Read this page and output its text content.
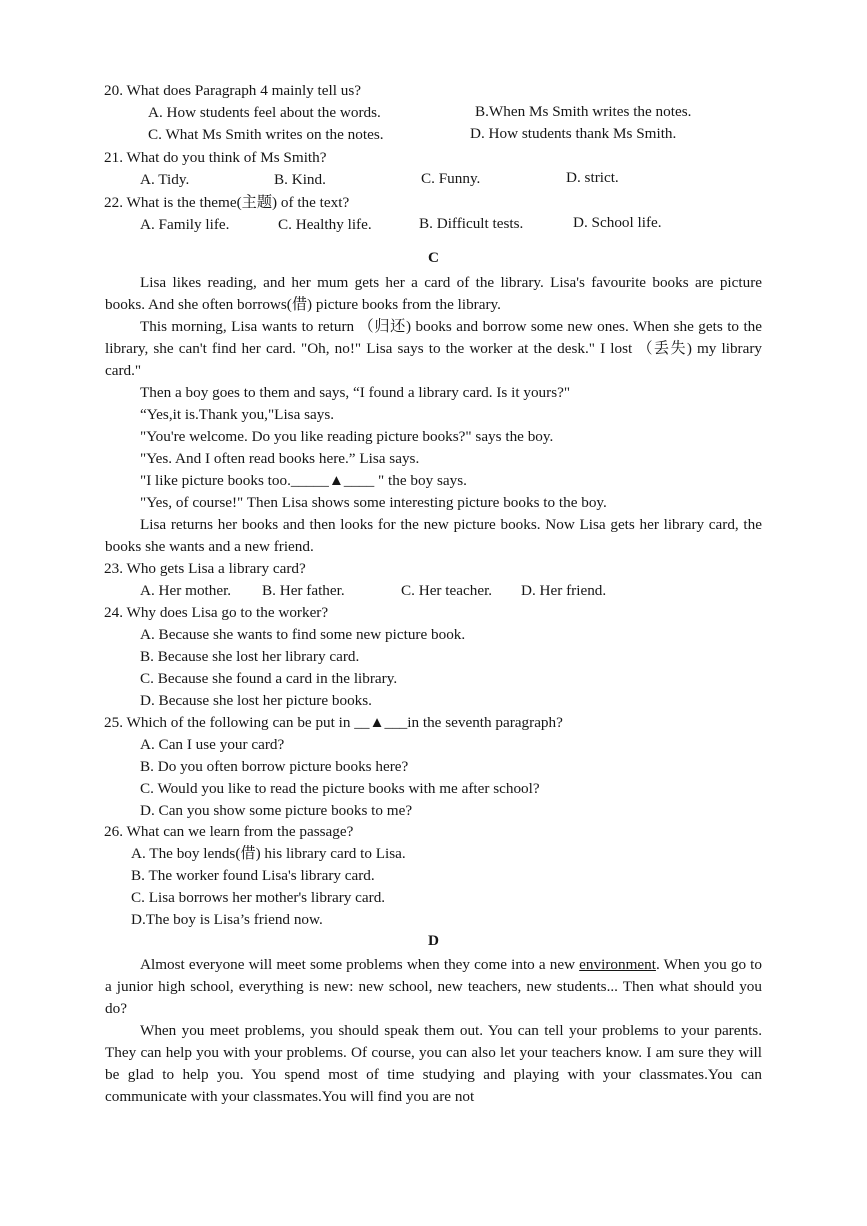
20. What does Paragraph 4 mainly tell us?
A. How students feel about the words.	B.When Ms Smith writes the notes.
C. What Ms Smith writes on the notes.	D. How students thank Ms Smith.
21. What do you think of Ms Smith?
A. Tidy.	B. Kind.	C. Funny.	D. strict.
22. What is the theme(主题) of the text?
A. Family life.	C. Healthy life.	B. Difficult tests.	D. School life.
C

Lisa likes reading, and her mum gets her a card of the library. Lisa's favourite books are picture books. And she often borrows(借) picture books from the library.

This morning, Lisa wants to return （归还) books and borrow some new ones. When she gets to the library, she can't find her card. "Oh, no!" Lisa says to the worker at the desk." I lost （丢失) my library card."

Then a boy goes to them and says, “I found a library card. Is it yours?"

“Yes,it is.Thank you,"Lisa says.

"You're welcome. Do you like reading picture books?" says the boy.

"Yes. And I often read books here.” Lisa says.

"I like picture books too._____▲____ " the boy says.

"Yes, of course!" Then Lisa shows some interesting picture books to the boy.

Lisa returns her books and then looks for the new picture books. Now Lisa gets her library card, the books she wants and a new friend.

23. Who gets Lisa a library card?
A. Her mother. B. Her father.	C. Her teacher. D. Her friend.
24. Why does Lisa go to the worker?
A. Because she wants to find some new picture book.
B. Because she lost her library card.
C. Because she found a card in the library.
D. Because she lost her picture books.
25. Which of the following can be put in __▲___in the seventh paragraph?
A. Can I use your card?
B. Do you often borrow picture books here?
C. Would you like to read the picture books with me after school?
D. Can you show some picture books to me?
26. What can we learn from the passage?
A. The boy lends(借) his library card to Lisa.
B. The worker found Lisa's library card.
C. Lisa borrows her mother's library card.
D.The boy is Lisa’s friend now.
D

Almost everyone will meet some problems when they come into a new environment. When you go to a junior high school, everything is new: new school, new teachers, new students... Then what should you do?

When you meet problems, you should speak them out. You can tell your problems to your parents. They can help you with your problems. Of course, you can also let your teachers know. I am sure they will be glad to help you. You spend most of time studying and playing with your classmates.You can communicate with your classmates.You will find you are not
